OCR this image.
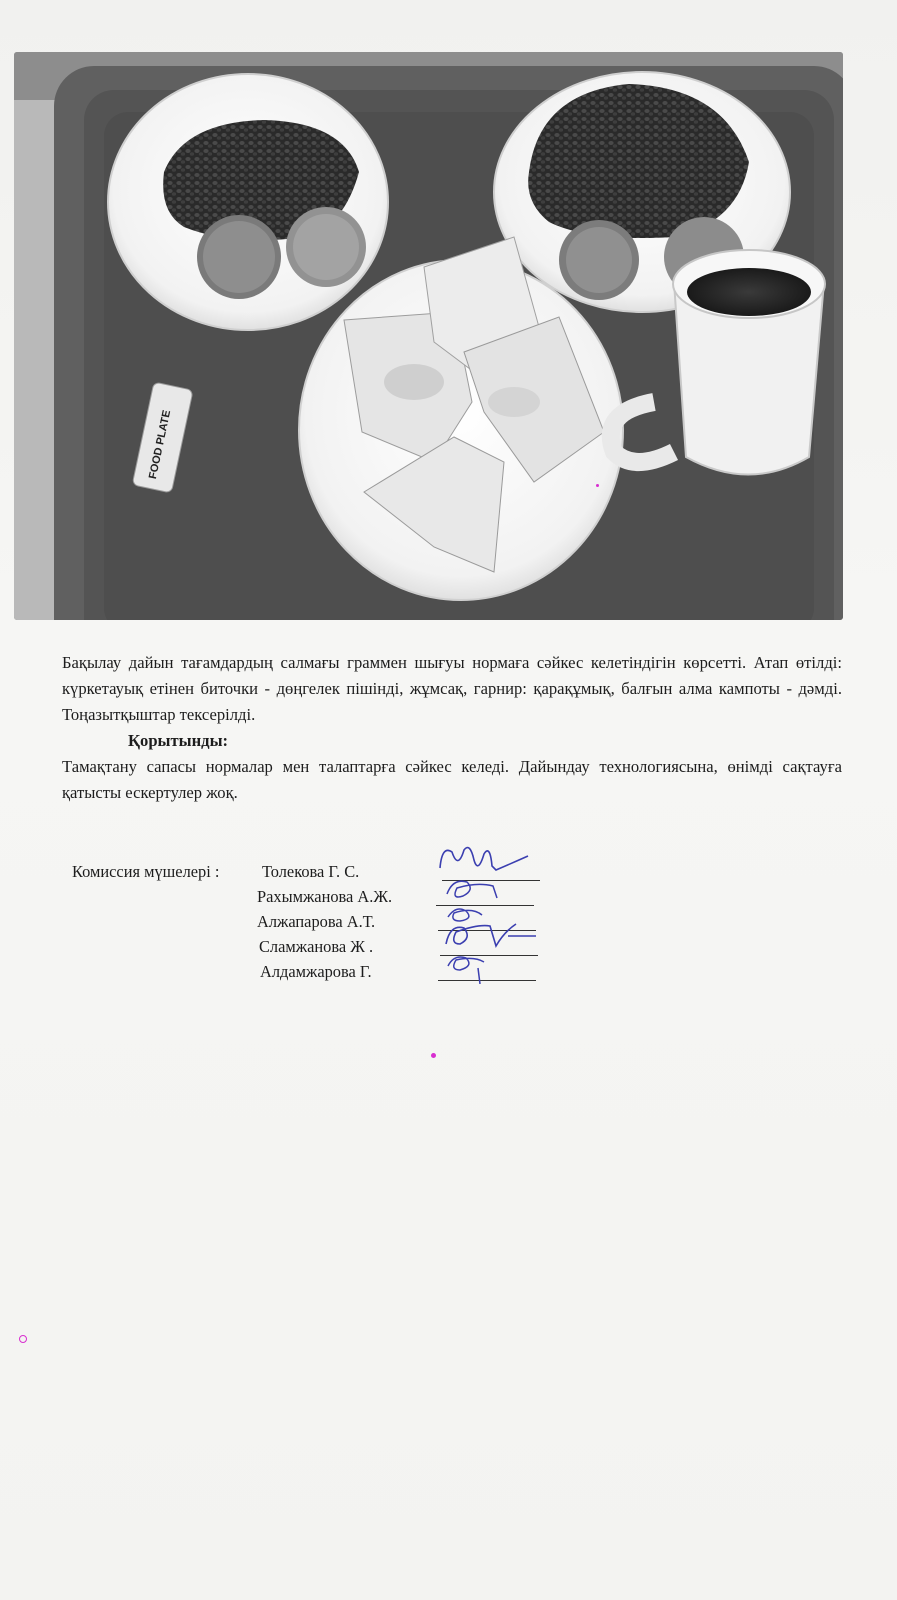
FOOD PLATE

Бақылау дайын тағамдардың салмағы граммен шығуы нормаға сәйкес келетіндігін көрсетті. Атап өтілді: күркетауық етінен биточки - дөңгелек пішінді, жұмсақ, гарнир: қарақұмық, балғын алма кампоты - дәмді. Тоңазытқыштар тексерілді.

Қорытынды:

Тамақтану сапасы нормалар мен талаптарға сәйкес келеді. Дайындау технологиясына, өнімді сақтауға қатысты ескертулер жоқ.

Комиссия мүшелері :	Толекова Г. С.
Рахымжанова А.Ж.
Алжапарова А.Т.
Сламжанова Ж .
Алдамжарова Г.
